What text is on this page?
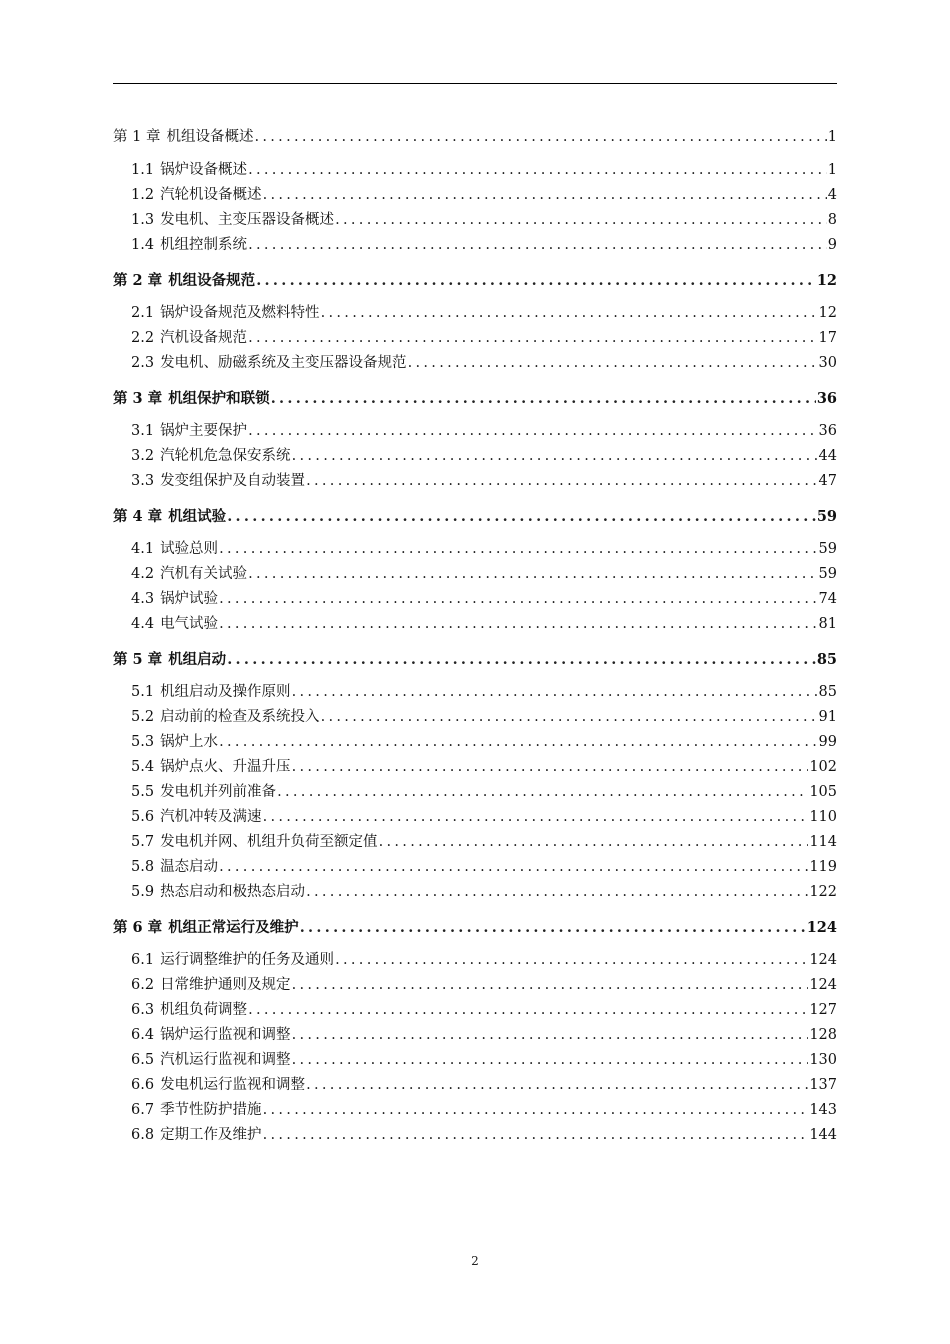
第 1 章 机组设备概述 .....	1
1.1 锅炉设备概述 .....	1
1.2 汽轮机设备概述 .....	4
1.3 发电机、主变压器设备概述 .....	8
1.4 机组控制系统 .....	9
第 2 章 机组设备规范 .....	12
2.1 锅炉设备规范及燃料特性 .....	12
2.2 汽机设备规范 .....	17
2.3 发电机、励磁系统及主变压器设备规范 .....	30
第 3 章 机组保护和联锁 .....	36
3.1 锅炉主要保护 .....	36
3.2 汽轮机危急保安系统 .....	44
3.3 发变组保护及自动装置 .....	47
第 4 章 机组试验 .....	59
4.1 试验总则 .....	59
4.2 汽机有关试验 .....	59
4.3 锅炉试验 .....	74
4.4 电气试验 .....	81
第 5 章 机组启动 .....	85
5.1 机组启动及操作原则 .....	85
5.2 启动前的检查及系统投入 .....	91
5.3 锅炉上水 .....	99
5.4 锅炉点火、升温升压 .....	102
5.5 发电机并列前准备 .....	105
5.6 汽机冲转及满速 .....	110
5.7 发电机并网、机组升负荷至额定值 .....	114
5.8 温态启动 .....	119
5.9 热态启动和极热态启动 .....	122
第 6 章 机组正常运行及维护 .....	124
6.1 运行调整维护的任务及通则 .....	124
6.2 日常维护通则及规定 .....	124
6.3 机组负荷调整 .....	127
6.4 锅炉运行监视和调整 .....	128
6.5 汽机运行监视和调整 .....	130
6.6 发电机运行监视和调整 .....	137
6.7 季节性防护措施 .....	143
6.8 定期工作及维护 .....	144
2
